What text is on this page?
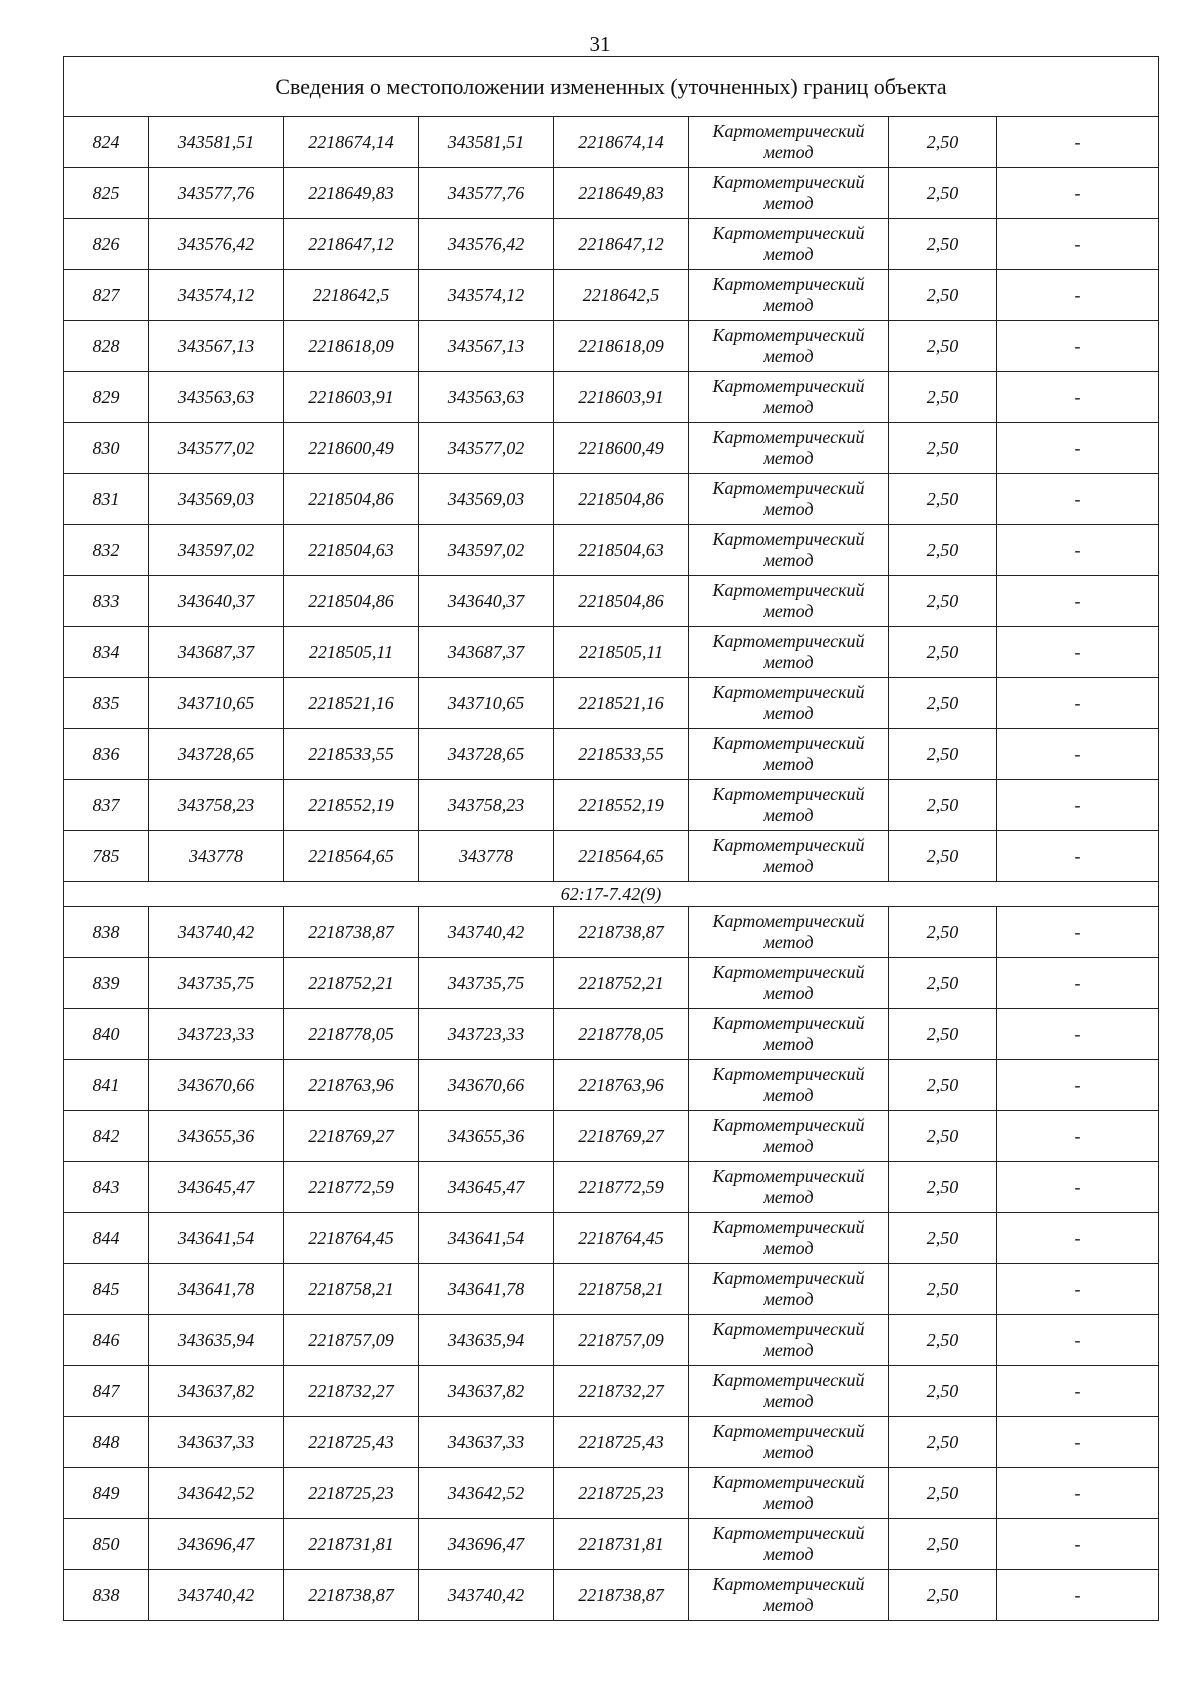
31
Сведения о местоположении измененных (уточненных) границ объекта							
824	343581,51	2218674,14	343581,51	2218674,14	Картометрический
метод	2,50	-
825	343577,76	2218649,83	343577,76	2218649,83	Картометрический
метод	2,50	-
826	343576,42	2218647,12	343576,42	2218647,12	Картометрический
метод	2,50	-
827	343574,12	2218642,5	343574,12	2218642,5	Картометрический
метод	2,50	-
828	343567,13	2218618,09	343567,13	2218618,09	Картометрический
метод	2,50	-
829	343563,63	2218603,91	343563,63	2218603,91	Картометрический
метод	2,50	-
830	343577,02	2218600,49	343577,02	2218600,49	Картометрический
метод	2,50	-
831	343569,03	2218504,86	343569,03	2218504,86	Картометрический
метод	2,50	-
832	343597,02	2218504,63	343597,02	2218504,63	Картометрический
метод	2,50	-
833	343640,37	2218504,86	343640,37	2218504,86	Картометрический
метод	2,50	-
834	343687,37	2218505,11	343687,37	2218505,11	Картометрический
метод	2,50	-
835	343710,65	2218521,16	343710,65	2218521,16	Картометрический
метод	2,50	-
836	343728,65	2218533,55	343728,65	2218533,55	Картометрический
метод	2,50	-
837	343758,23	2218552,19	343758,23	2218552,19	Картометрический
метод	2,50	-
785	343778	2218564,65	343778	2218564,65	Картометрический
метод	2,50	-
62:17-7.42(9)							
838	343740,42	2218738,87	343740,42	2218738,87	Картометрический
метод	2,50	-
839	343735,75	2218752,21	343735,75	2218752,21	Картометрический
метод	2,50	-
840	343723,33	2218778,05	343723,33	2218778,05	Картометрический
метод	2,50	-
841	343670,66	2218763,96	343670,66	2218763,96	Картометрический
метод	2,50	-
842	343655,36	2218769,27	343655,36	2218769,27	Картометрический
метод	2,50	-
843	343645,47	2218772,59	343645,47	2218772,59	Картометрический
метод	2,50	-
844	343641,54	2218764,45	343641,54	2218764,45	Картометрический
метод	2,50	-
845	343641,78	2218758,21	343641,78	2218758,21	Картометрический
метод	2,50	-
846	343635,94	2218757,09	343635,94	2218757,09	Картометрический
метод	2,50	-
847	343637,82	2218732,27	343637,82	2218732,27	Картометрический
метод	2,50	-
848	343637,33	2218725,43	343637,33	2218725,43	Картометрический
метод	2,50	-
849	343642,52	2218725,23	343642,52	2218725,23	Картометрический
метод	2,50	-
850	343696,47	2218731,81	343696,47	2218731,81	Картометрический
метод	2,50	-
838	343740,42	2218738,87	343740,42	2218738,87	Картометрический
метод	2,50	-
